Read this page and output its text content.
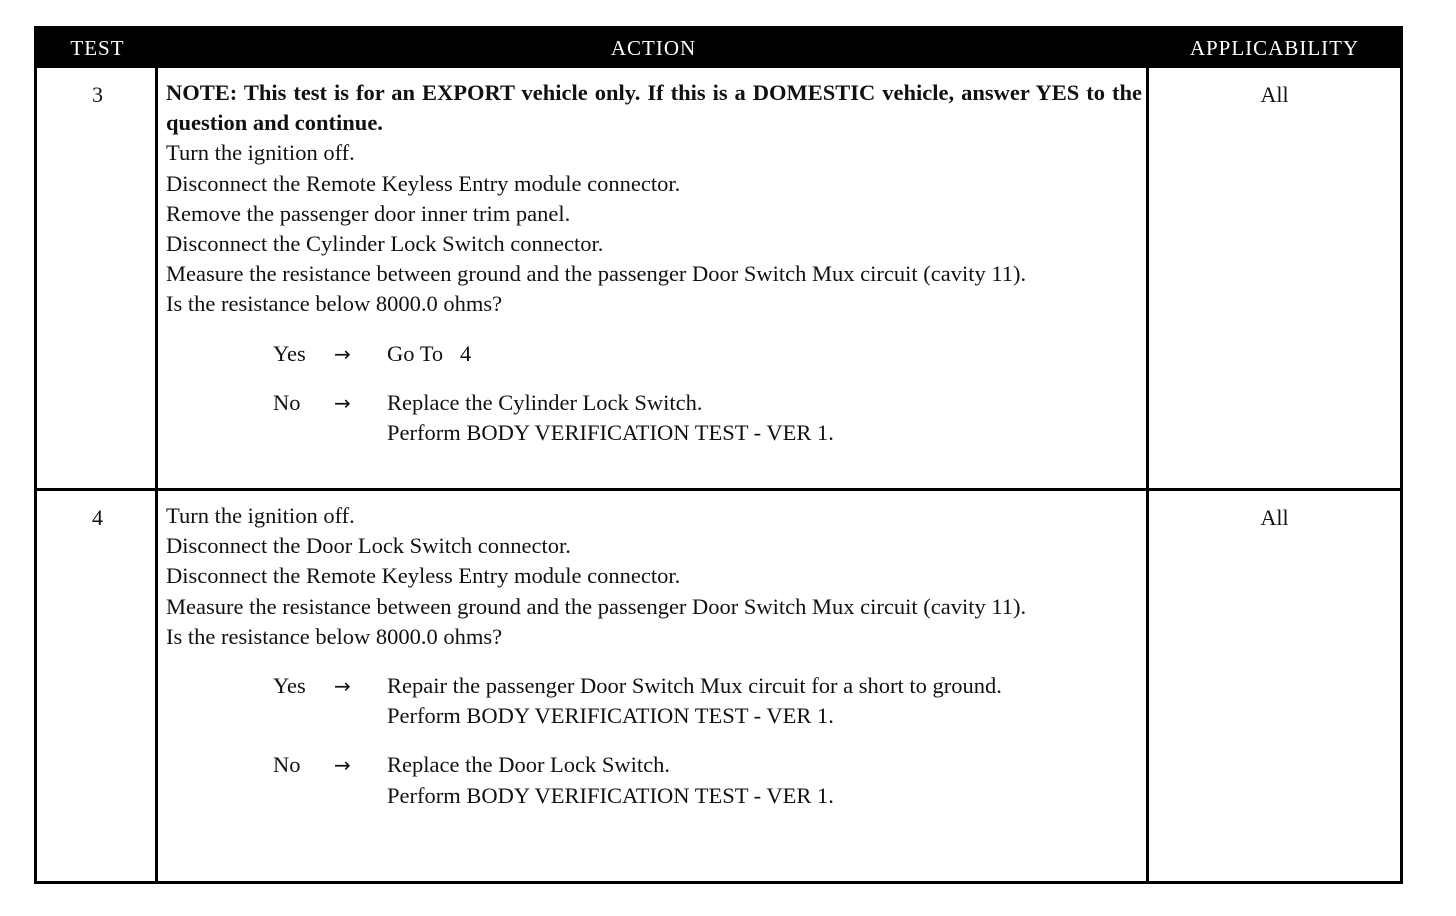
TEST	ACTION	APPLICABILITY
3	NOTE: This test is for an EXPORT vehicle only. If this is a DOMESTIC vehicle, answer YES to the question and continue.

Turn the ignition off.

Disconnect the Remote Keyless Entry module connector.

Remove the passenger door inner trim panel.

Disconnect the Cylinder Lock Switch connector.

Measure the resistance between ground and the passenger Door Switch Mux circuit (cavity 11).

Is the resistance below 8000.0 ohms?

Yes → Go To   4
No → Replace the Cylinder Lock Switch.
Perform BODY VERIFICATION TEST - VER 1.
All
4	Turn the ignition off.

Disconnect the Door Lock Switch connector.

Disconnect the Remote Keyless Entry module connector.

Measure the resistance between ground and the passenger Door Switch Mux circuit (cavity 11).

Is the resistance below 8000.0 ohms?

Yes → Repair the passenger Door Switch Mux circuit for a short to ground.
Perform BODY VERIFICATION TEST - VER 1.
No → Replace the Door Lock Switch.
Perform BODY VERIFICATION TEST - VER 1.
All
